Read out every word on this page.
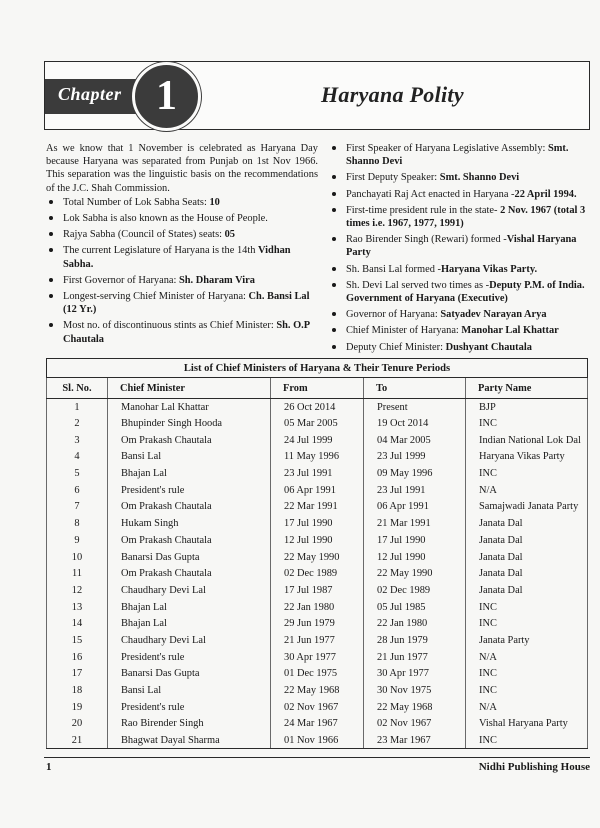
Chapter 1	Haryana Polity

As we know that 1 November is celebrated as Haryana Day because Haryana was separated from Punjab on 1st Nov 1966. This separation was the linguistic basis on the recommendations of the J.C. Shah Commission.

Total Number of Lok Sabha Seats: 10
Lok Sabha is also known as the House of People.
Rajya Sabha (Council of States) seats: 05
The current Legislature of Haryana is the 14th Vidhan Sabha.
First Governor of Haryana: Sh. Dharam Vira
Longest-serving Chief Minister of Haryana: Ch. Bansi Lal (12 Yr.)
Most no. of discontinuous stints as Chief Minister: Sh. O.P Chautala
First Speaker of Haryana Legislative Assembly: Smt. Shanno Devi
First Deputy Speaker: Smt. Shanno Devi
Panchayati Raj Act enacted in Haryana -22 April 1994.
First-time president rule in the state- 2 Nov. 1967 (total 3 times i.e. 1967, 1977, 1991)
Rao Birender Singh (Rewari) formed -Vishal Haryana Party
Sh. Bansi Lal formed -Haryana Vikas Party.
Sh. Devi Lal served two times as -Deputy P.M. of India. Government of Haryana (Executive)
Governor of Haryana: Satyadev Narayan Arya
Chief Minister of Haryana: Manohar Lal Khattar
Deputy Chief Minister: Dushyant Chautala
List of Chief Ministers of Haryana & Their Tenure Periods				
Sl. No.	Chief Minister	From	To	Party Name
1	Manohar Lal Khattar	26 Oct 2014	Present	BJP
2	Bhupinder Singh Hooda	05 Mar 2005	19 Oct 2014	INC
3	Om Prakash Chautala	24 Jul 1999	04 Mar 2005	Indian National Lok Dal
4	Bansi Lal	11 May 1996	23 Jul 1999	Haryana Vikas Party
5	Bhajan Lal	23 Jul 1991	09 May 1996	INC
6	President's rule	06 Apr 1991	23 Jul 1991	N/A
7	Om Prakash Chautala	22 Mar 1991	06 Apr 1991	Samajwadi Janata Party
8	Hukam Singh	17 Jul 1990	21 Mar 1991	Janata Dal
9	Om Prakash Chautala	12 Jul 1990	17 Jul 1990	Janata Dal
10	Banarsi Das Gupta	22 May 1990	12 Jul 1990	Janata Dal
11	Om Prakash Chautala	02 Dec 1989	22 May 1990	Janata Dal
12	Chaudhary Devi Lal	17 Jul 1987	02 Dec 1989	Janata Dal
13	Bhajan Lal	22 Jan 1980	05 Jul 1985	INC
14	Bhajan Lal	29 Jun 1979	22 Jan 1980	INC
15	Chaudhary Devi Lal	21 Jun 1977	28 Jun 1979	Janata Party
16	President's rule	30 Apr 1977	21 Jun 1977	N/A
17	Banarsi Das Gupta	01 Dec 1975	30 Apr 1977	INC
18	Bansi Lal	22 May 1968	30 Nov 1975	INC
19	President's rule	02 Nov 1967	22 May 1968	N/A
20	Rao Birender Singh	24 Mar 1967	02 Nov 1967	Vishal Haryana Party
21	Bhagwat Dayal Sharma	01 Nov 1966	23 Mar 1967	INC
1	Nidhi Publishing House
